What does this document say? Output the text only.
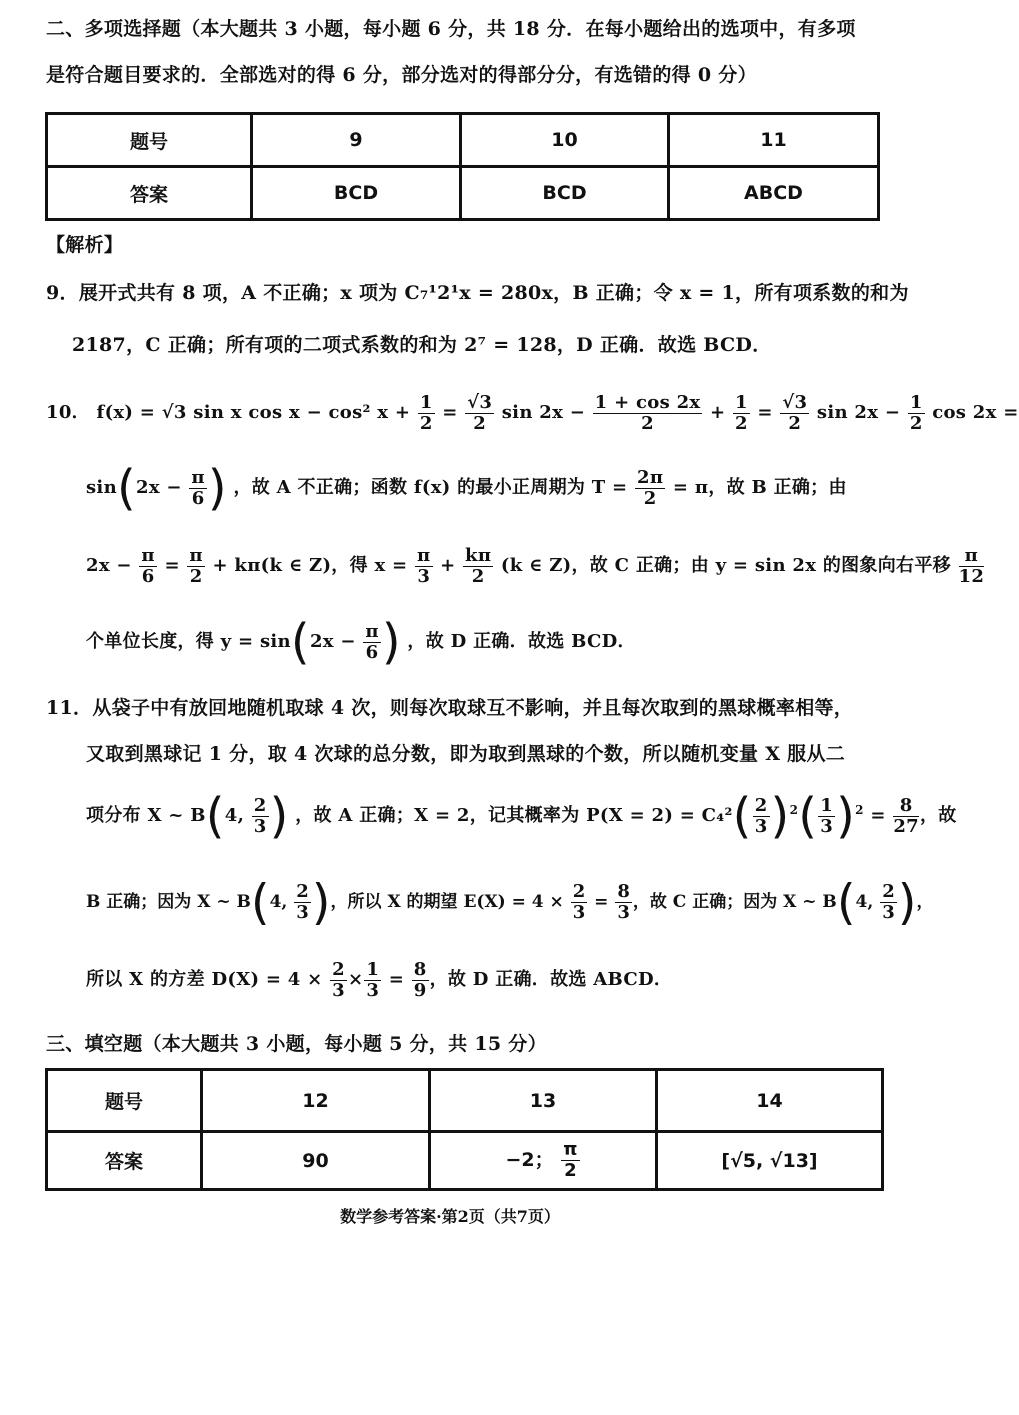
二、多项选择题（本大题共 3 小题，每小题 6 分，共 18 分．在每小题给出的选项中，有多项
是符合题目要求的．全部选对的得 6 分，部分选对的得部分分，有选错的得 0 分）
题号	9	10	11
答案	BCD	BCD	ABCD
【解析】
9．展开式共有 8 项，A 不正确；x 项为 C₇¹2¹x = 280x，B 正确；令 x = 1，所有项系数的和为
2187，C 正确；所有项的二项式系数的和为 2⁷ = 128，D 正确．故选 BCD．
10． f(x) = √3 sin x cos x − cos² $x + \frac{1}{2} = \frac{√3}{2}$ $\sin 2x - \frac{1 + \cos 2x}{2} + \frac{1}{2} = \frac{√3}{2}$ $\sin 2x - \frac{1}{2}$ cos 2x =
$\sin(2x - \frac{\pi}{6}$ ) ，故 A 不正确；函数 f(x) 的最小正周期为 $T = \frac{2\pi}{2} = \pi$，故 B 正确；由
$2x - \frac{\pi}{6} = \frac{\pi}{2} + k\pi(k$ ∈ Z)，得 $x = \frac{\pi}{3} + \frac{k\pi}{2} (k$ ∈ Z)，故 C 正确；由 y = sin 2x 的图象向右平移 $\frac{\pi}{12}$
个单位长度，得 $y = \sin(2x - \frac{\pi}{6}$ ) ，故 D 正确．故选 BCD．
11．从袋子中有放回地随机取球 4 次，则每次取球互不影响，并且每次取到的黑球概率相等，
又取到黑球记 1 分，取 4 次球的总分数，即为取到黑球的个数，所以随机变量 X 服从二
项分布 X ~ B(4, $\frac{2}{3}$ ) ，故 A 正确；X = 2，记其概率为 $P(X = 2) = C_4^2( \frac{2}{3} )^2( \frac{1}{3} )^2 = \frac{8}{27}$ ，故
B 正确；因为 X ~ B(4, $\frac{2}{3}$ )，所以 X 的期望 $E(X) = 4 \times \frac{2}{3} = \frac{8}{3}$ ，故 C 正确；因为 X ~ B(4, $\frac{2}{3}$ )，
所以 X 的方差 $D(X) = 4 \times \frac{2}{3} \times \frac{1}{3} = \frac{8}{9}$ ，故 D 正确．故选 ABCD．
三、填空题（本大题共 3 小题，每小题 5 分，共 15 分）
题号	12	13	14
答案	90	−2； $\frac{\pi}{2}$	[√5, √13]
数学参考答案·第2页（共7页）
